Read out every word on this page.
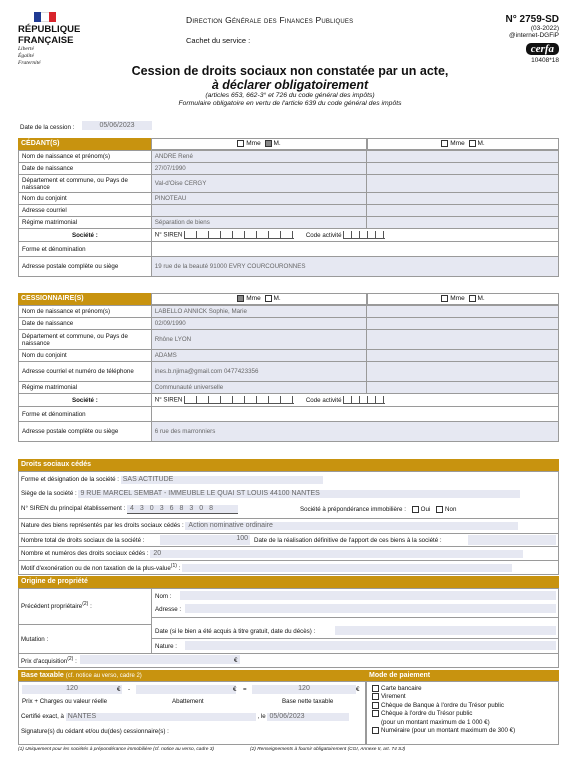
RÉPUBLIQUE
FRANÇAISE
Liberté
Égalité
Fraternité
Direction Générale des Finances Publiques
Cachet du service :
N° 2759-SD
(03-2022)
@internet-DGFiP
cerfa
10408*18
Cession de droits sociaux non constatée par un acte,
à déclarer obligatoirement
(articles 653, 662-3° et 726 du code général des impôts)
Formulaire obligatoire en vertu de l'article 639 du code général des impôts
Date de la cession :	05/06/2023
CÉDANT(S)	Mme M.	Mme M.
Nom de naissance et prénom(s)	ANDRE René	
Date de naissance	27/07/1990	
Département et commune, ou Pays de naissance	Val-d'Oise CERGY	
Nom du conjoint	PINOTEAU	
Adresse courriel		
Régime matrimonial	Séparation de biens	
Société :	N° SIREN Code activité	
Forme et dénomination		
Adresse postale complète ou siège	19 rue de la beauté 91000 EVRY COURCOURONNES	
CESSIONNAIRE(S)	Mme M.	Mme M.
Nom de naissance et prénom(s)	LABELLO ANNICK Sophie, Marie	
Date de naissance	02/09/1990	
Département et commune, ou Pays de naissance	Rhône LYON	
Nom du conjoint	ADAMS	
Adresse courriel et numéro de téléphone	ines.b.njima@gmail.com 0477423356	
Régime matrimonial	Communauté universelle	
Société :	N° SIREN Code activité	
Forme et dénomination		
Adresse postale complète ou siège	6 rue des marronniers	
Droits sociaux cédés
Forme et désignation de la société : SAS ACTITUDE
Siège de la société : 9 RUE MARCEL SEMBAT - IMMEUBLE LE QUAI ST LOUIS 44100 NANTES
N° SIREN du principal établissement : 430368308	Société à prépondérance immobilière : Oui Non
Nature des biens représentés par les droits sociaux cédés : Action nominative ordinaire
Nombre total de droits sociaux de la société :	100 Date de la réalisation définitive de l'apport de ces biens à la société :
Nombre et numéros des droits sociaux cédés : 20
Motif d'exonération ou de non taxation de la plus-value$^{(1)}$ :
Origine de propriété
Précédent propriétaire$^{(2)}$ :
Nom :
Adresse :
Mutation :
Date (si le bien a été acquis à titre gratuit, date du décès) :
Nature :
Prix d'acquisition$^{(2)}$ :	€
Base taxable (cf. notice au verso, cadre 2)
120	€ -	€ =	120	€
Prix + Charges ou valeur réelle	Abattement	Base nette taxable
Certifié exact, à NANTES	, le 05/06/2023
Signature(s) du cédant et/ou du(des) cessionnaire(s) :
Mode de paiement
Carte bancaire
Virement
Chèque de Banque à l'ordre du Trésor public
Chèque à l'ordre du Trésor public
(pour un montant maximum de 1 000 €)
Numéraire (pour un montant maximum de 300 €)
(1) Uniquement pour les sociétés à prépondérance immobilière (cf. notice au verso, cadre 3)	(2) Renseignements à fournir obligatoirement (CGI, Annexe II, art. 74 SJ)
